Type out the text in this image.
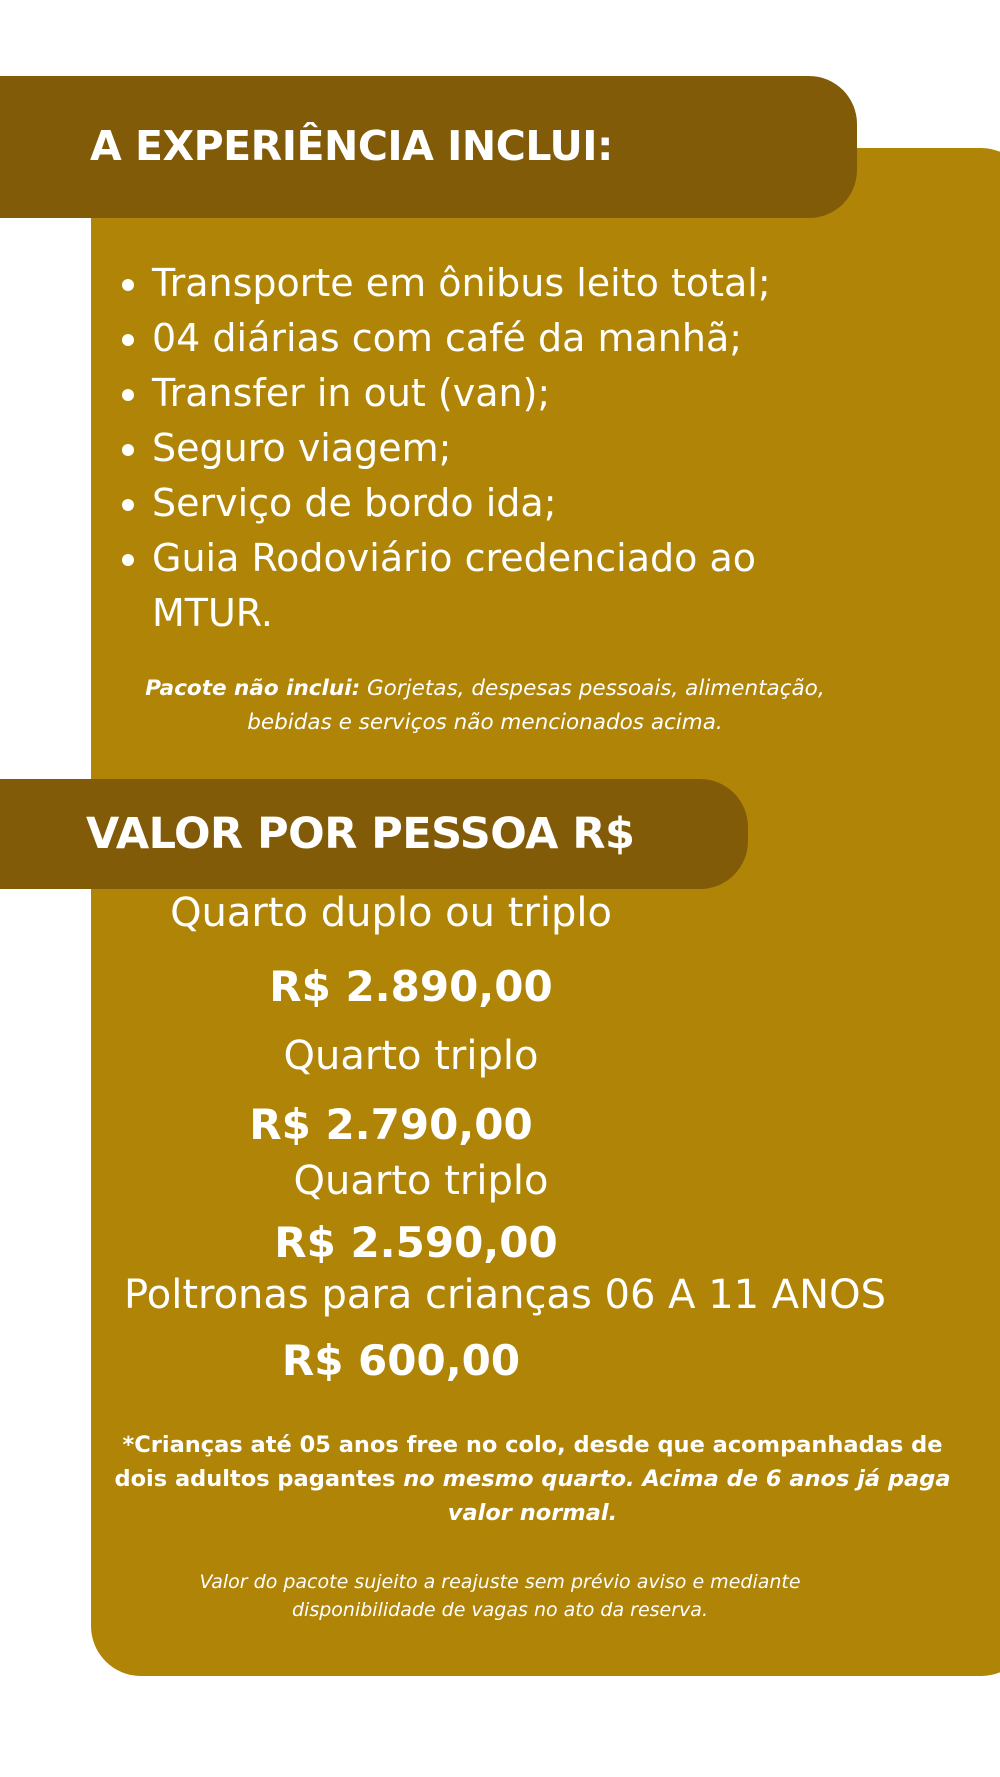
A EXPERIÊNCIA INCLUI:
• Transporte em ônibus leito total;
• 04 diárias com café da manhã;
• Transfer in out (van);
• Seguro viagem;
• Serviço de bordo ida;
• Guia Rodoviário credenciado ao MTUR.
Pacote não inclui: Gorjetas, despesas pessoais, alimentação, bebidas e serviços não mencionados acima.
VALOR POR PESSOA R$
Quarto duplo ou triplo
R$ 2.890,00
Quarto triplo
R$ 2.790,00
Quarto triplo
R$ 2.590,00
Poltronas para crianças 06 A 11 ANOS
R$ 600,00
*Crianças até 05 anos free no colo, desde que acompanhadas de dois adultos pagantes no mesmo quarto. Acima de 6 anos já paga valor normal.
Valor do pacote sujeito a reajuste sem prévio aviso e mediante disponibilidade de vagas no ato da reserva.
